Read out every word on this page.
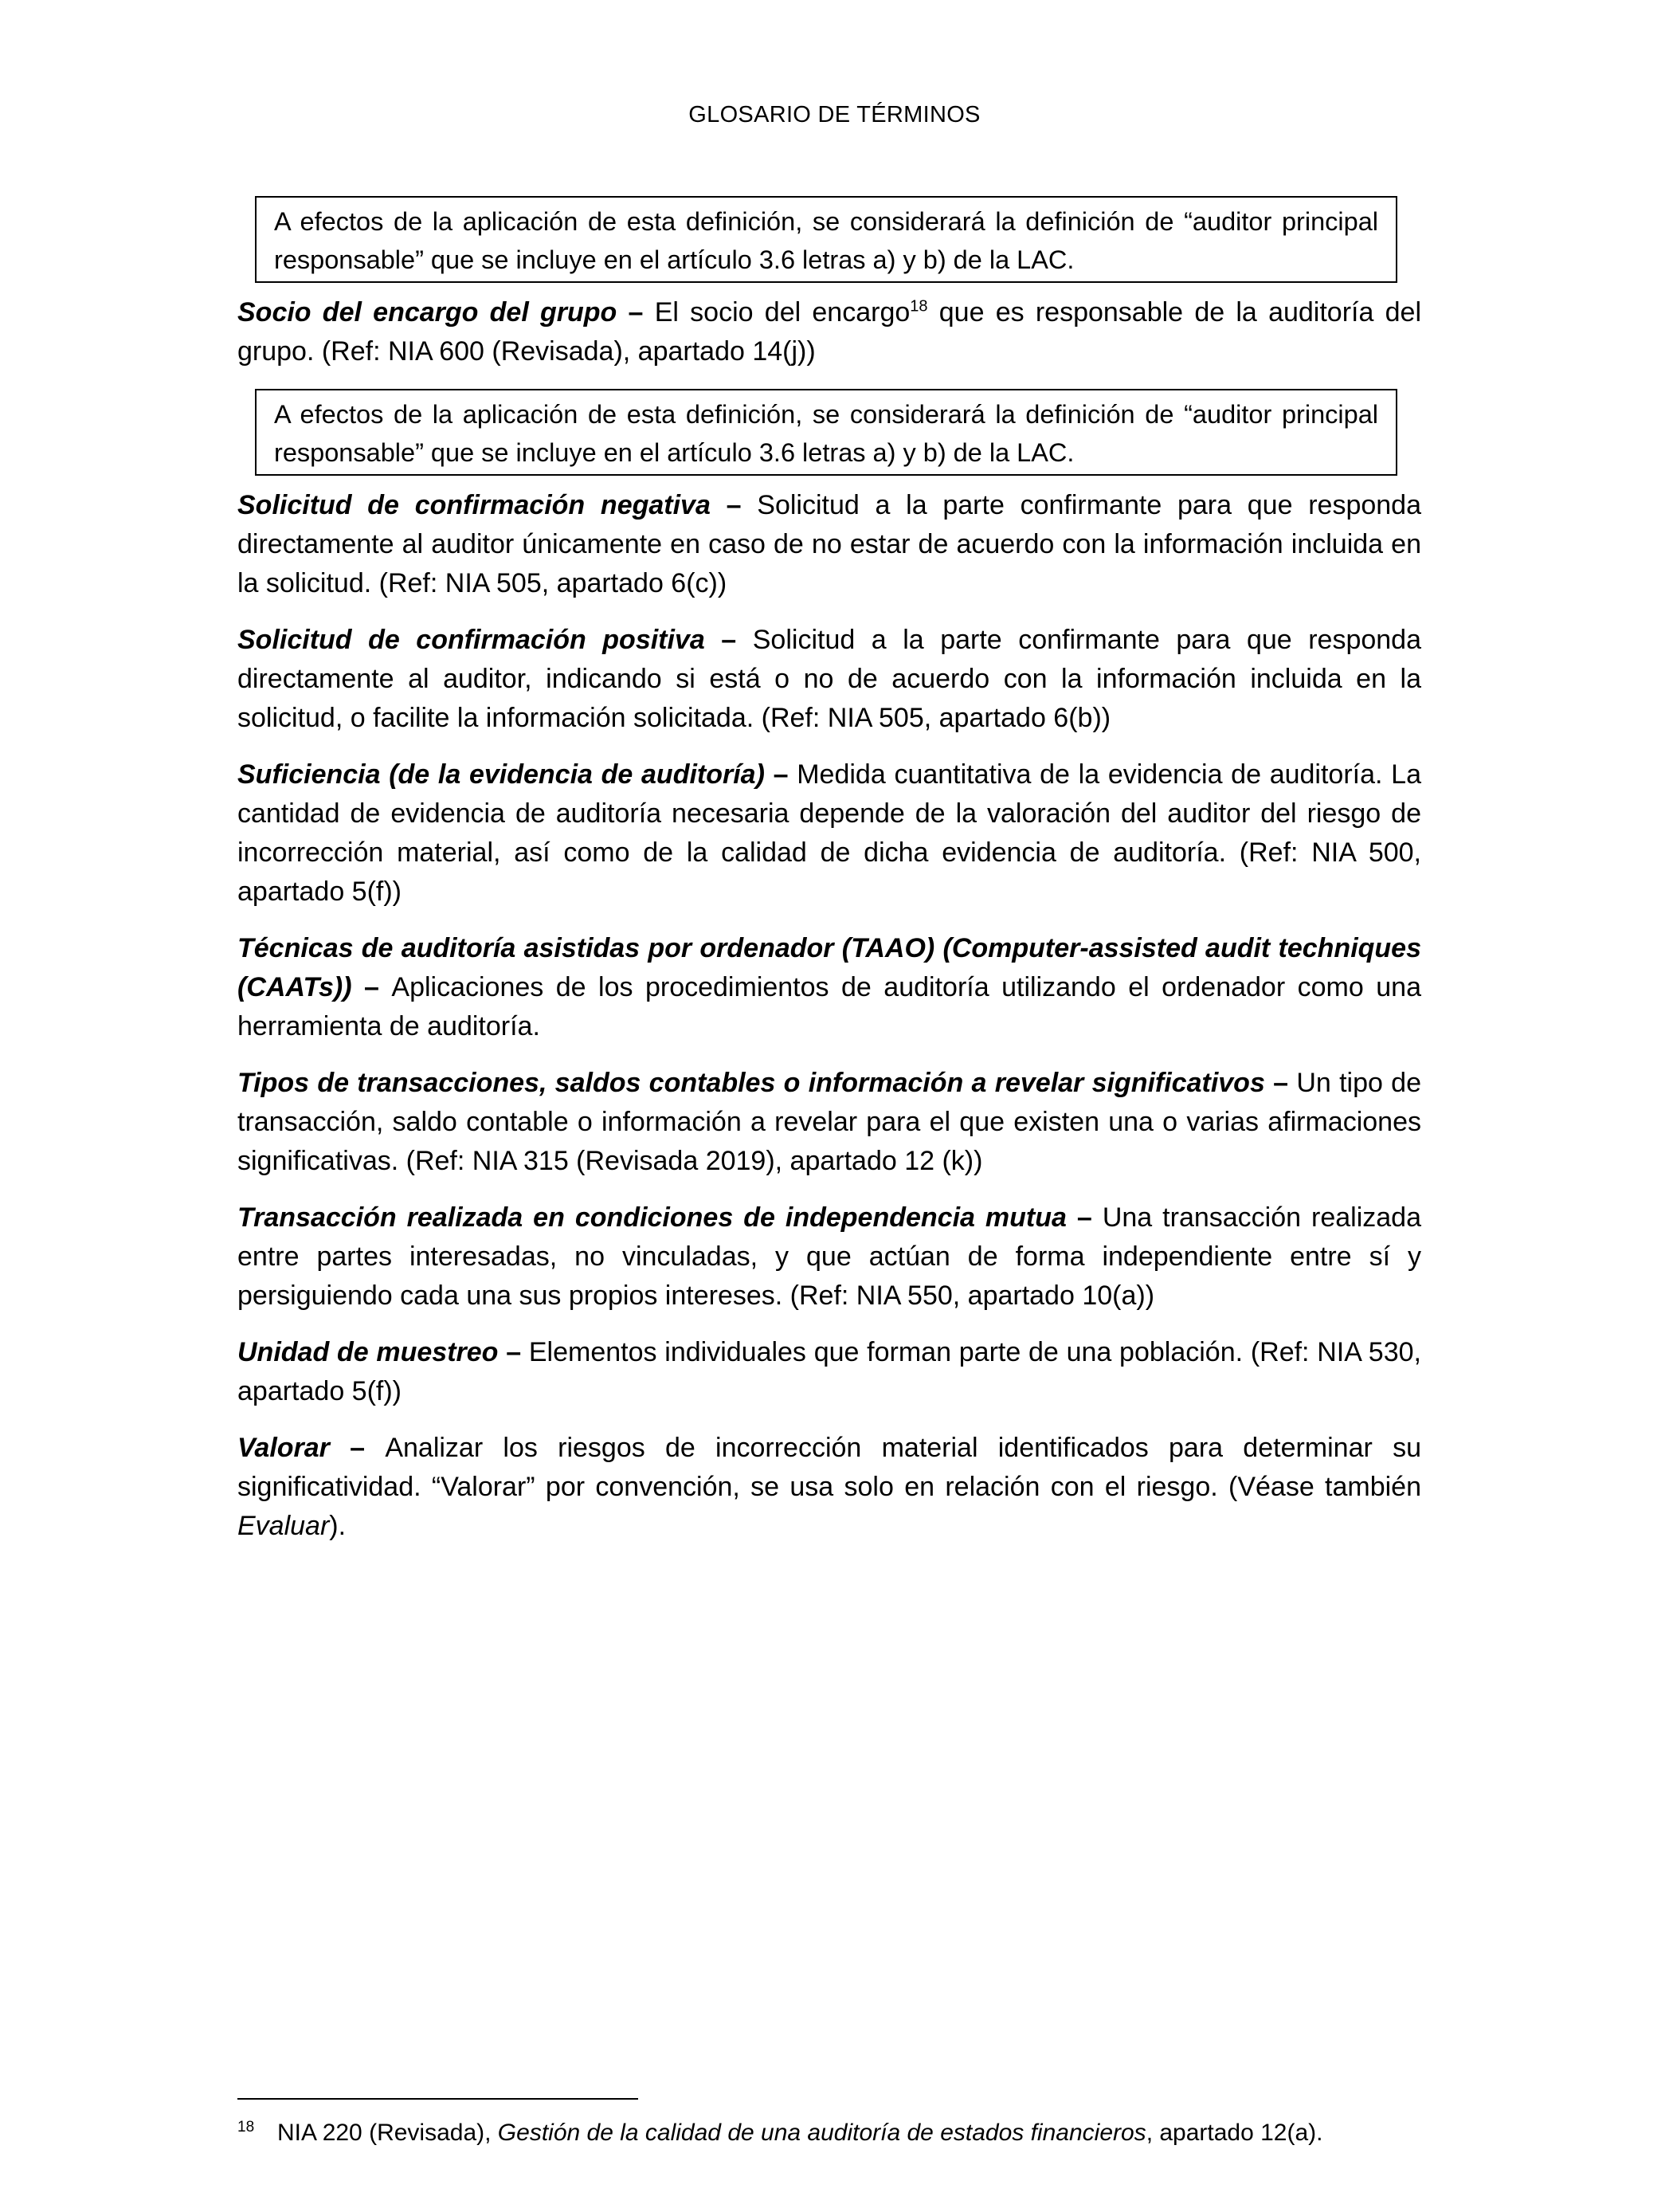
GLOSARIO DE TÉRMINOS
A efectos de la aplicación de esta definición, se considerará la definición de “auditor principal responsable” que se incluye en el artículo 3.6 letras a) y b) de la LAC.

Socio del encargo del grupo – El socio del encargo$^{18}$ que es responsable de la auditoría del grupo. (Ref: NIA 600 (Revisada), apartado 14(j))

A efectos de la aplicación de esta definición, se considerará la definición de “auditor principal responsable” que se incluye en el artículo 3.6 letras a) y b) de la LAC.

Solicitud de confirmación negativa – Solicitud a la parte confirmante para que responda directamente al auditor únicamente en caso de no estar de acuerdo con la información incluida en la solicitud. (Ref: NIA 505, apartado 6(c))

Solicitud de confirmación positiva – Solicitud a la parte confirmante para que responda directamente al auditor, indicando si está o no de acuerdo con la información incluida en la solicitud, o facilite la información solicitada. (Ref: NIA 505, apartado 6(b))

Suficiencia (de la evidencia de auditoría) – Medida cuantitativa de la evidencia de auditoría. La cantidad de evidencia de auditoría necesaria depende de la valoración del auditor del riesgo de incorrección material, así como de la calidad de dicha evidencia de auditoría. (Ref: NIA 500, apartado 5(f))

Técnicas de auditoría asistidas por ordenador (TAAO) (Computer-assisted audit techniques (CAATs)) – Aplicaciones de los procedimientos de auditoría utilizando el ordenador como una herramienta de auditoría.

Tipos de transacciones, saldos contables o información a revelar significativos – Un tipo de transacción, saldo contable o información a revelar para el que existen una o varias afirmaciones significativas. (Ref: NIA 315 (Revisada 2019), apartado 12 (k))

Transacción realizada en condiciones de independencia mutua – Una transacción realizada entre partes interesadas, no vinculadas, y que actúan de forma independiente entre sí y persiguiendo cada una sus propios intereses. (Ref: NIA 550, apartado 10(a))

Unidad de muestreo – Elementos individuales que forman parte de una población. (Ref: NIA 530, apartado 5(f))

Valorar – Analizar los riesgos de incorrección material identificados para determinar su significatividad. “Valorar” por convención, se usa solo en relación con el riesgo. (Véase también Evaluar).

18 NIA 220 (Revisada), Gestión de la calidad de una auditoría de estados financieros, apartado 12(a).
